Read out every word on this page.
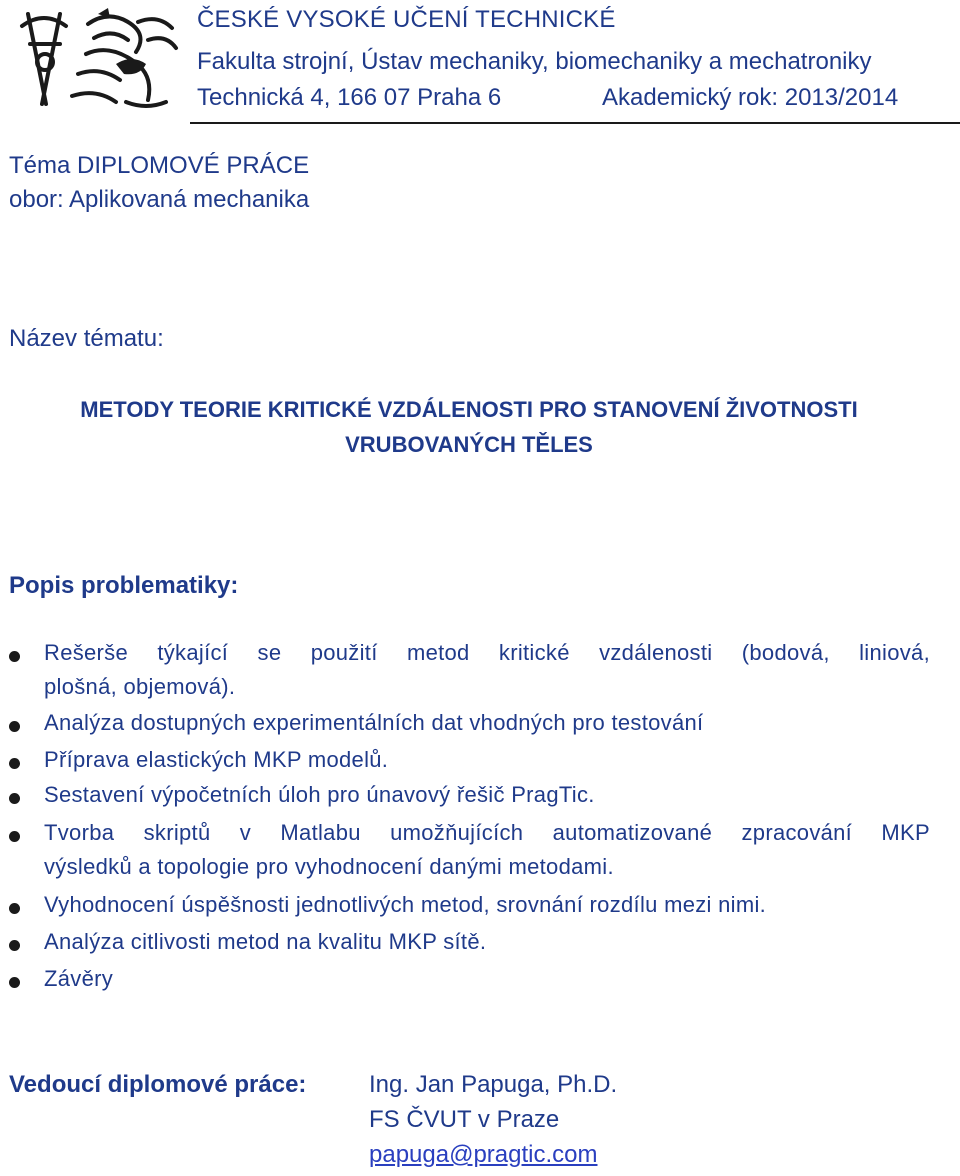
ČESKÉ VYSOKÉ UČENÍ TECHNICKÉ
Fakulta strojní, Ústav mechaniky, biomechaniky a mechatroniky
Technická 4, 166 07 Praha 6	Akademický rok: 2013/2014
Téma DIPLOMOVÉ PRÁCE
obor: Aplikovaná mechanika
Název tématu:
METODY TEORIE KRITICKÉ VZDÁLENOSTI PRO STANOVENÍ ŽIVOTNOSTI
VRUBOVANÝCH TĚLES
Popis problematiky:
Rešerše týkající se použití metod kritické vzdálenosti (bodová, liniová,
plošná, objemová).
Analýza dostupných experimentálních dat vhodných pro testování
Příprava elastických MKP modelů.
Sestavení výpočetních úloh pro únavový řešič PragTic.
Tvorba skriptů v Matlabu umožňujících automatizované zpracování MKP
výsledků a topologie pro vyhodnocení danými metodami.
Vyhodnocení úspěšnosti jednotlivých metod, srovnání rozdílu mezi nimi.
Analýza citlivosti metod na kvalitu MKP sítě.
Závěry
Vedoucí diplomové práce:	Ing. Jan Papuga, Ph.D.
FS ČVUT v Praze
papuga@pragtic.com
